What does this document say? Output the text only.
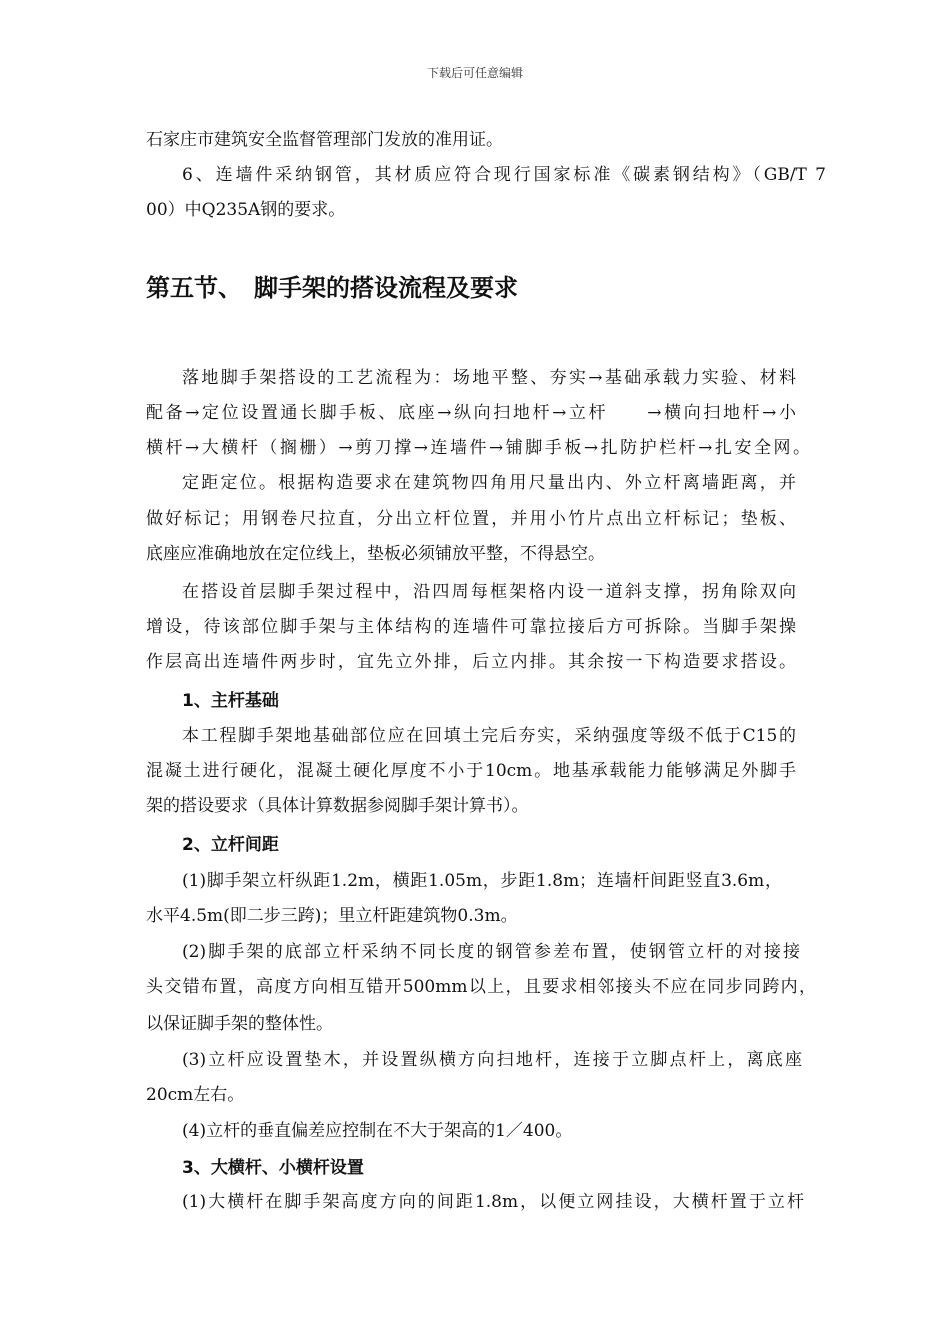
下载后可任意编辑
石家庄市建筑安全监督管理部门发放的准用证。
6、连墙件采纳钢管，其材质应符合现行国家标准《碳素钢结构》（GB/T 7
00）中Q235A钢的要求。
第五节、　脚手架的搭设流程及要求
落地脚手架搭设的工艺流程为：场地平整、夯实→基础承载力实验、材料
配备→定位设置通长脚手板、底座→纵向扫地杆→立杆　　→横向扫地杆→小
横杆→大横杆（搁栅）→剪刀撑→连墙件→铺脚手板→扎防护栏杆→扎安全网。
定距定位。根据构造要求在建筑物四角用尺量出内、外立杆离墙距离，并
做好标记；用钢卷尺拉直，分出立杆位置，并用小竹片点出立杆标记；垫板、
底座应准确地放在定位线上，垫板必须铺放平整，不得悬空。
在搭设首层脚手架过程中，沿四周每框架格内设一道斜支撑，拐角除双向
增设，待该部位脚手架与主体结构的连墙件可靠拉接后方可拆除。当脚手架操
作层高出连墙件两步时，宜先立外排，后立内排。其余按一下构造要求搭设。
1、主杆基础
本工程脚手架地基础部位应在回填土完后夯实，采纳强度等级不低于C15的
混凝土进行硬化，混凝土硬化厚度不小于10cm。地基承载能力能够满足外脚手
架的搭设要求（具体计算数据参阅脚手架计算书）。
2、立杆间距
(1)脚手架立杆纵距1.2m，横距1.05m，步距1.8m；连墙杆间距竖直3.6m，
水平4.5m(即二步三跨)；里立杆距建筑物0.3m。
(2)脚手架的底部立杆采纳不同长度的钢管参差布置，使钢管立杆的对接接
头交错布置，高度方向相互错开500mm以上，且要求相邻接头不应在同步同跨内，
以保证脚手架的整体性。
(3)立杆应设置垫木，并设置纵横方向扫地杆，连接于立脚点杆上，离底座
20cm左右。
(4)立杆的垂直偏差应控制在不大于架高的1／400。
3、大横杆、小横杆设置
(1)大横杆在脚手架高度方向的间距1.8m，以便立网挂设，大横杆置于立杆
